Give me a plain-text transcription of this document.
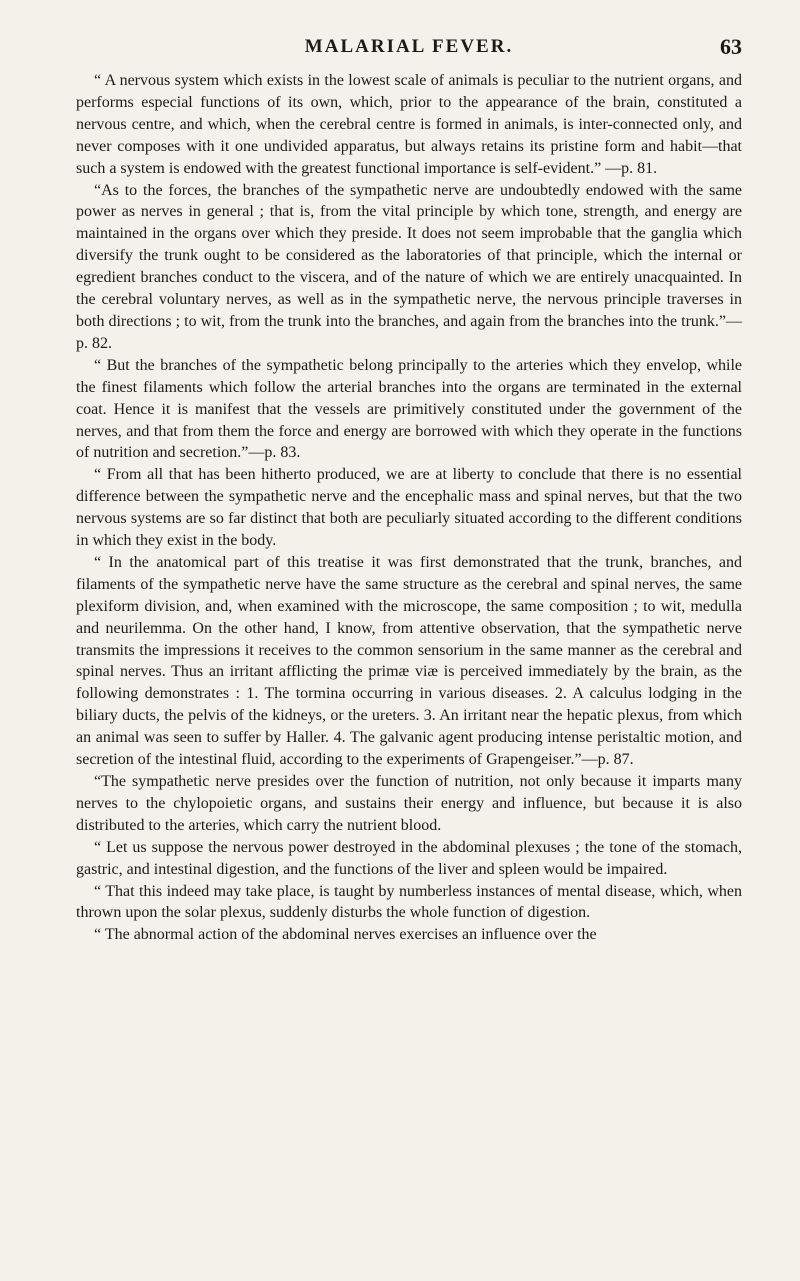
MALARIAL FEVER.	63

“ A nervous system which exists in the lowest scale of animals is peculiar to the nutrient organs, and performs especial functions of its own, which, prior to the appearance of the brain, constituted a nervous centre, and which, when the cerebral centre is formed in animals, is inter-connected only, and never composes with it one undivided apparatus, but always retains its pristine form and habit—that such a system is endowed with the greatest functional importance is self-evident.” —p. 81.

“As to the forces, the branches of the sympathetic nerve are undoubtedly endowed with the same power as nerves in general ; that is, from the vital principle by which tone, strength, and energy are maintained in the organs over which they preside. It does not seem improbable that the ganglia which diversify the trunk ought to be considered as the laboratories of that principle, which the internal or egredient branches conduct to the viscera, and of the nature of which we are entirely unacquainted. In the cerebral voluntary nerves, as well as in the sympathetic nerve, the nervous principle traverses in both directions ; to wit, from the trunk into the branches, and again from the branches into the trunk.”—p. 82.

“ But the branches of the sympathetic belong principally to the arteries which they envelop, while the finest filaments which follow the arterial branches into the organs are terminated in the external coat. Hence it is manifest that the vessels are primitively constituted under the government of the nerves, and that from them the force and energy are borrowed with which they operate in the functions of nutrition and secretion.”—p. 83.

“ From all that has been hitherto produced, we are at liberty to conclude that there is no essential difference between the sympathetic nerve and the encephalic mass and spinal nerves, but that the two nervous systems are so far distinct that both are peculiarly situated according to the different conditions in which they exist in the body.

“ In the anatomical part of this treatise it was first demonstrated that the trunk, branches, and filaments of the sympathetic nerve have the same structure as the cerebral and spinal nerves, the same plexiform division, and, when examined with the microscope, the same composition ; to wit, medulla and neurilemma. On the other hand, I know, from attentive observation, that the sympathetic nerve transmits the impressions it receives to the common sensorium in the same manner as the cerebral and spinal nerves. Thus an irritant afflicting the primæ viæ is perceived immediately by the brain, as the following demonstrates : 1. The tormina occurring in various diseases. 2. A calculus lodging in the biliary ducts, the pelvis of the kidneys, or the ureters. 3. An irritant near the hepatic plexus, from which an animal was seen to suffer by Haller. 4. The galvanic agent producing intense peristaltic motion, and secretion of the intestinal fluid, according to the experiments of Grapengeiser.”—p. 87.

“The sympathetic nerve presides over the function of nutrition, not only because it imparts many nerves to the chylopoietic organs, and sustains their energy and influence, but because it is also distributed to the arteries, which carry the nutrient blood.

“ Let us suppose the nervous power destroyed in the abdominal plexuses ; the tone of the stomach, gastric, and intestinal digestion, and the functions of the liver and spleen would be impaired.

“ That this indeed may take place, is taught by numberless instances of mental disease, which, when thrown upon the solar plexus, suddenly disturbs the whole function of digestion.

“ The abnormal action of the abdominal nerves exercises an influence over the
